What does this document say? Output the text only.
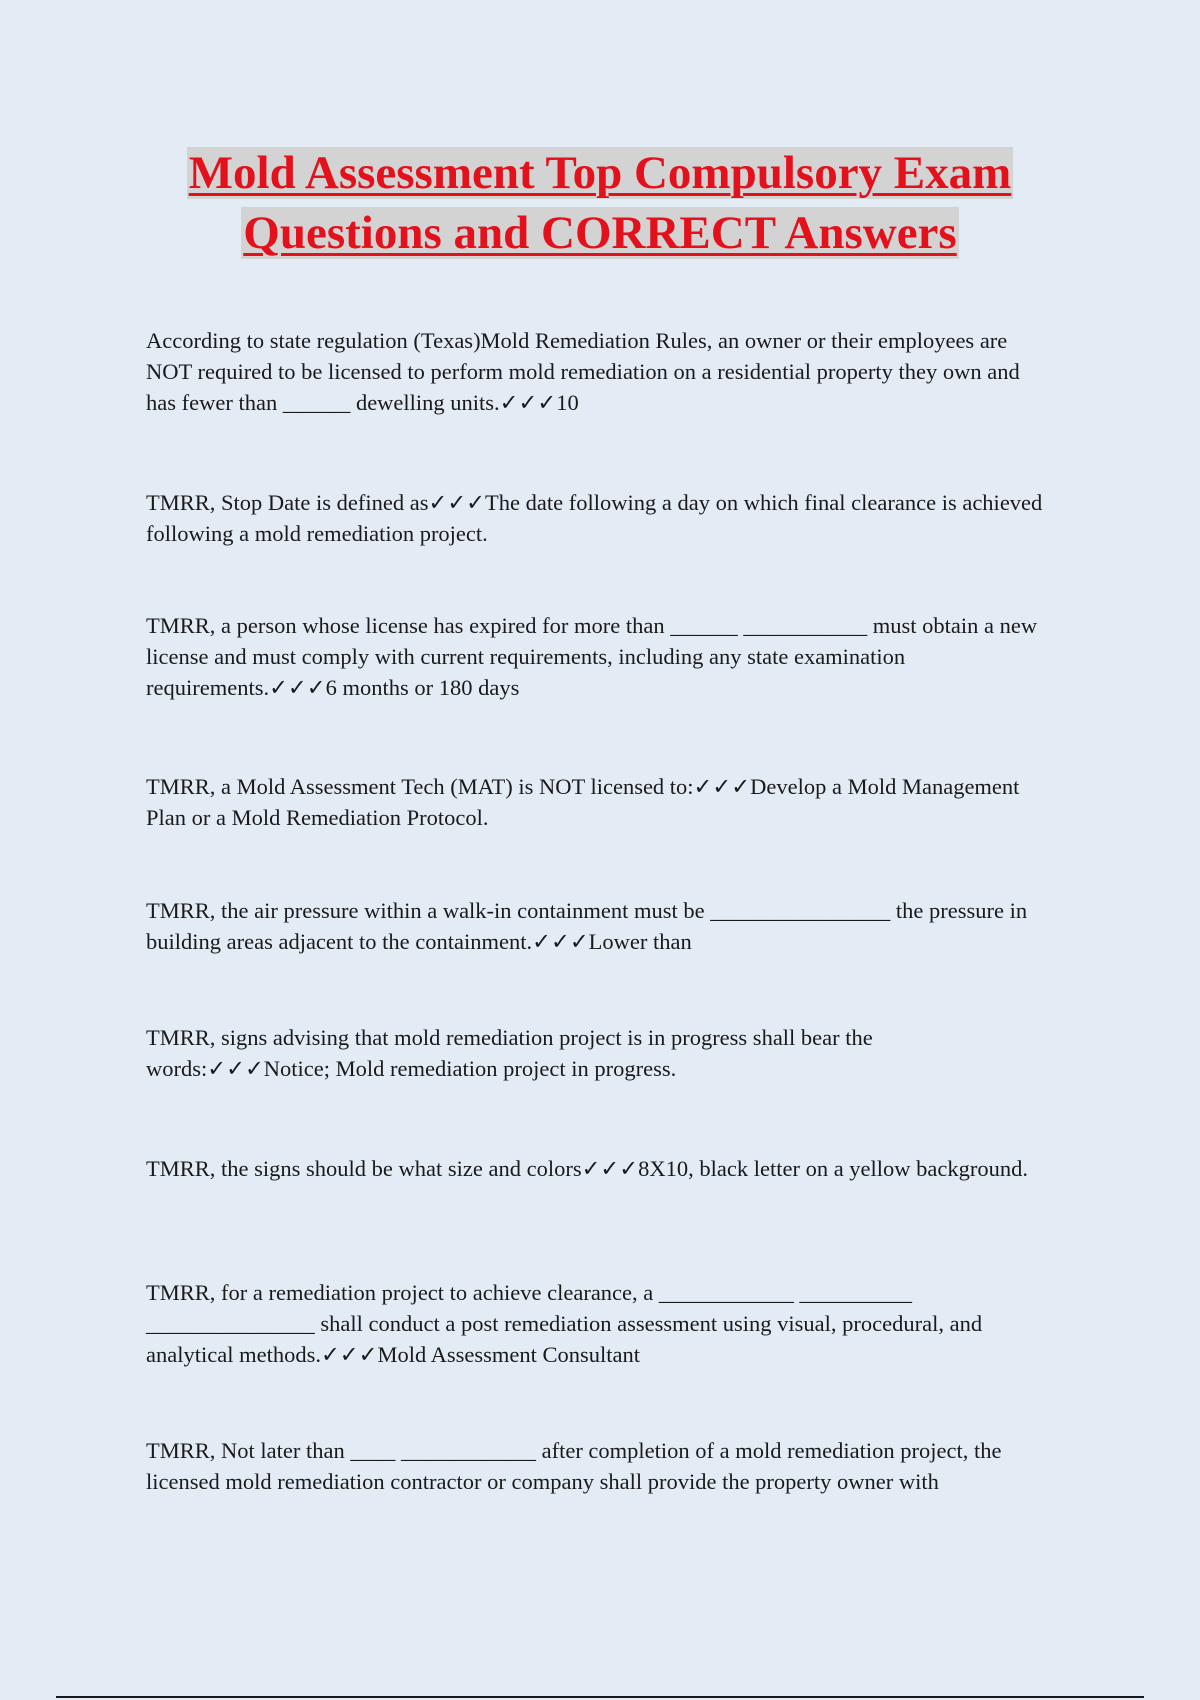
Mold Assessment Top Compulsory Exam
Questions and CORRECT Answers

According to state regulation (Texas)Mold Remediation Rules, an owner or their employees are NOT required to be licensed to perform mold remediation on a residential property they own and has fewer than ______ dewelling units.✓✓✓10

TMRR, Stop Date is defined as✓✓✓The date following a day on which final clearance is achieved following a mold remediation project.

TMRR, a person whose license has expired for more than ______ ___________ must obtain a new license and must comply with current requirements, including any state examination requirements.✓✓✓6 months or 180 days

TMRR, a Mold Assessment Tech (MAT) is NOT licensed to:✓✓✓Develop a Mold Management Plan or a Mold Remediation Protocol.

TMRR, the air pressure within a walk-in containment must be ________________ the pressure in building areas adjacent to the containment.✓✓✓Lower than

TMRR, signs advising that mold remediation project is in progress shall bear the words:✓✓✓Notice; Mold remediation project in progress.

TMRR, the signs should be what size and colors✓✓✓8X10, black letter on a yellow background.

TMRR, for a remediation project to achieve clearance, a ____________ __________ _______________ shall conduct a post remediation assessment using visual, procedural, and analytical methods.✓✓✓Mold Assessment Consultant

TMRR, Not later than ____ ____________ after completion of a mold remediation project, the licensed mold remediation contractor or company shall provide the property owner with
